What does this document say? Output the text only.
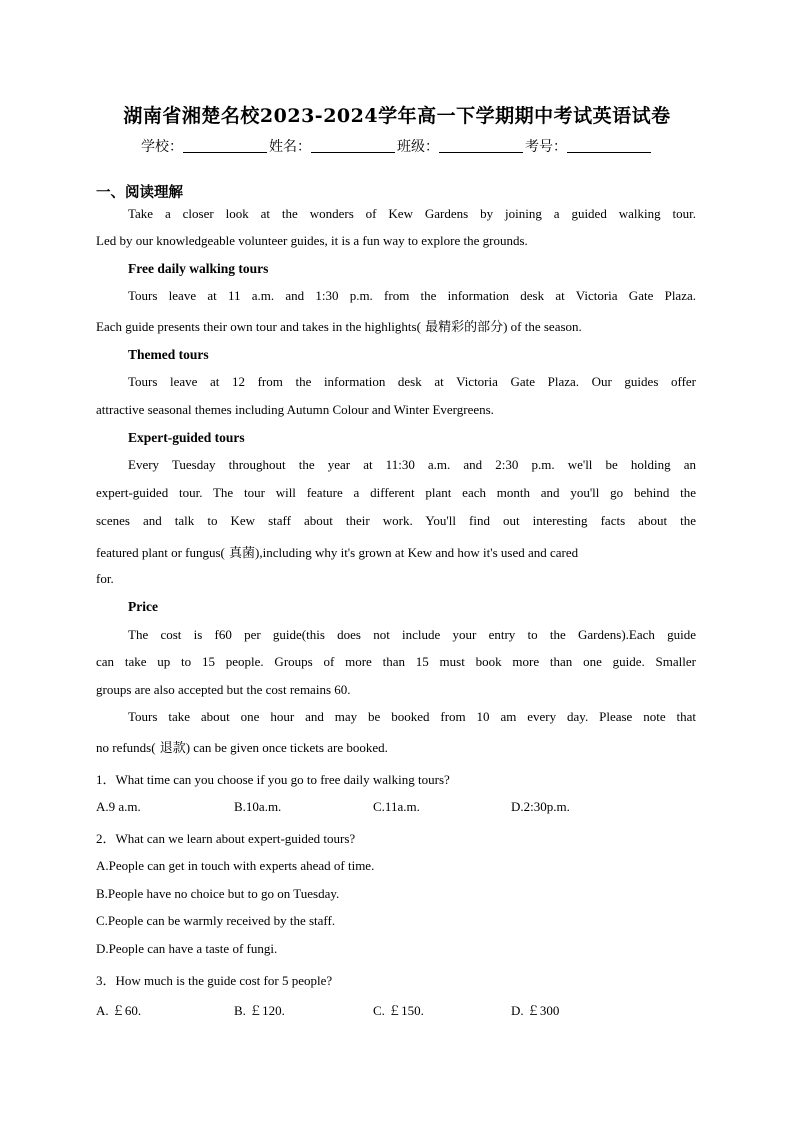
湖南省湘楚名校2023-2024学年高一下学期期中考试英语试卷
学校：	姓名：	班级：	考号：
一、阅读理解
Take a closer look at the wonders of Kew Gardens by joining a guided walking tour.
Led by our knowledgeable volunteer guides, it is a fun way to explore the grounds.
Free daily walking tours
Tours leave at 11 a.m. and 1:30 p.m. from the information desk at Victoria Gate Plaza.
Each guide presents their own tour and takes in the highlights( 最精彩的部分) of the season.
Themed tours
Tours leave at 12 from the information desk at Victoria Gate Plaza. Our guides offer
attractive seasonal themes including Autumn Colour and Winter Evergreens.
Expert-guided tours
Every Tuesday throughout the year at 11:30 a.m. and 2:30 p.m. we'll be holding an
expert-guided tour. The tour will feature a different plant each month and you'll go behind the
scenes and talk to Kew staff about their work. You'll find out interesting facts about the
featured plant or fungus( 真菌),including why it's grown at Kew and how it's used and cared
for.
Price
The cost is f60 per guide(this does not include your entry to the Gardens).Each guide
can take up to 15 people. Groups of more than 15 must book more than one guide. Smaller
groups are also accepted but the cost remains 60.
Tours take about one hour and may be booked from 10 am every day. Please note that
no refunds( 退款) can be given once tickets are booked.
1．What time can you choose if you go to free daily walking tours?
A.9 a.m.	B.10a.m.	C.11a.m.	D.2:30p.m.
2．What can we learn about expert-guided tours?
A.People can get in touch with experts ahead of time.
B.People have no choice but to go on Tuesday.
C.People can be warmly received by the staff.
D.People can have a taste of fungi.
3．How much is the guide cost for 5 people?
A. ￡60.	B. ￡120.	C. ￡150.	D. ￡300
